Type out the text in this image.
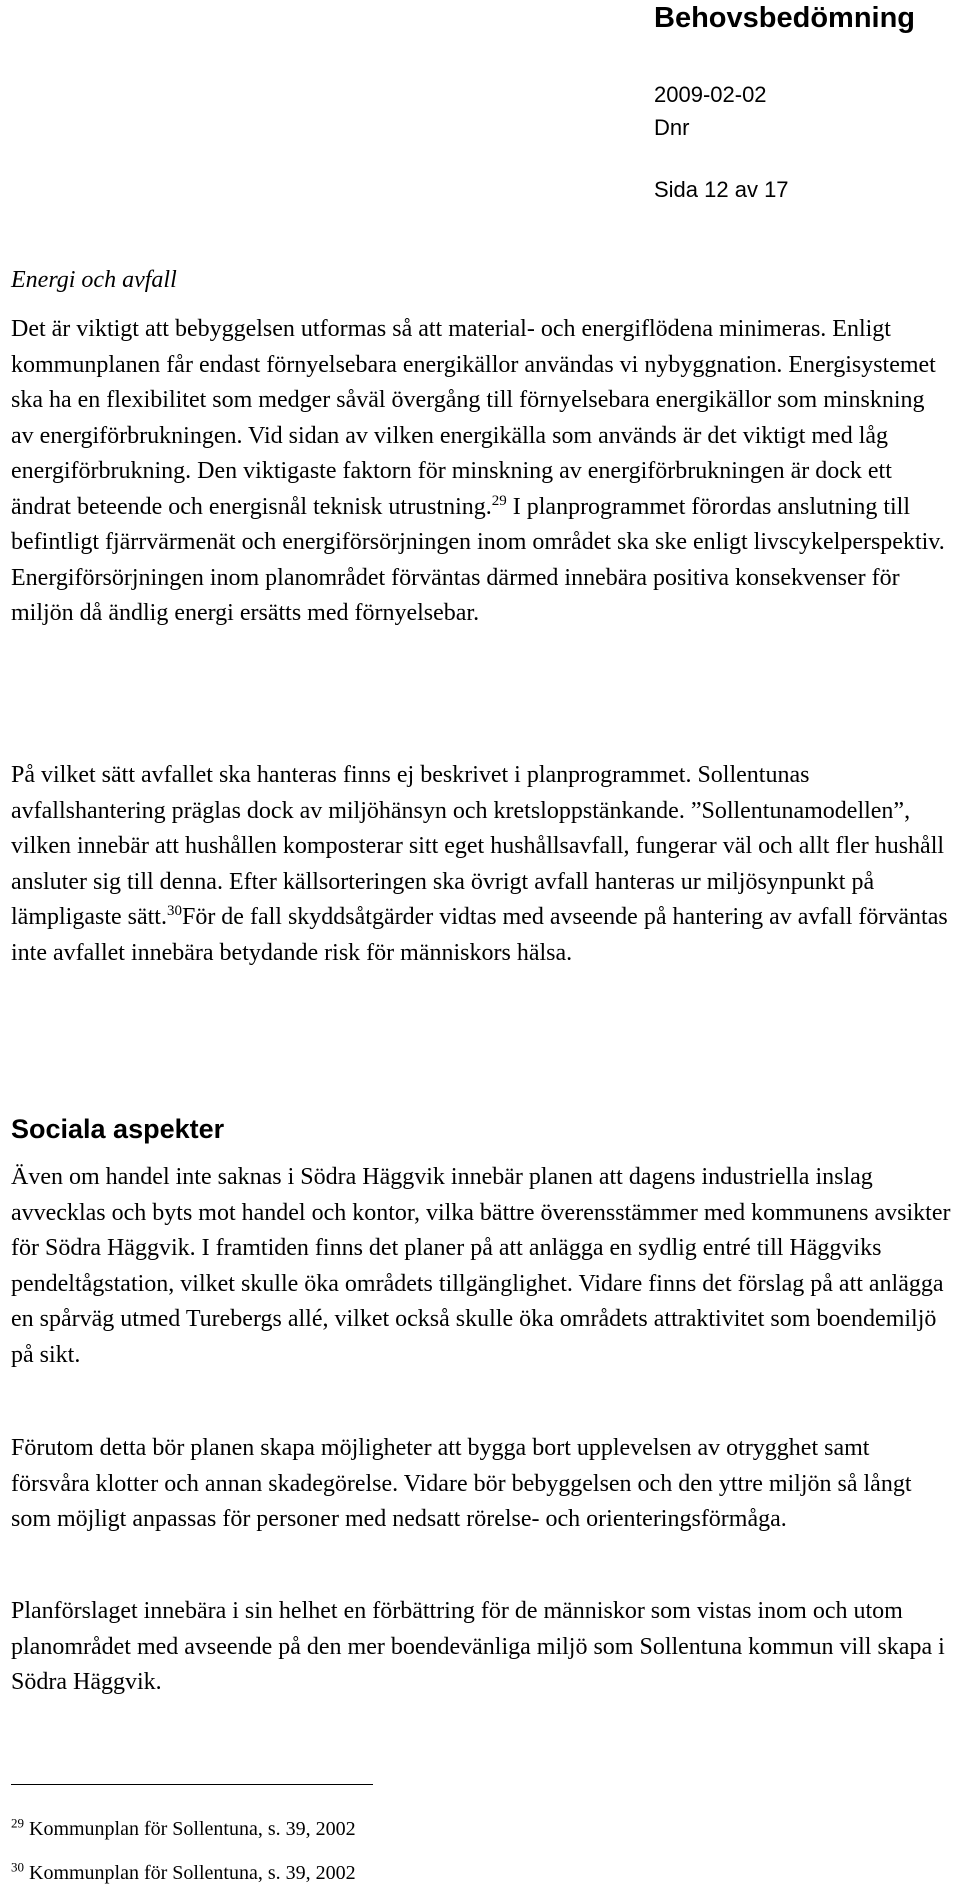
Behovsbedömning
2009-02-02
Dnr
Sida 12 av 17
Energi och avfall
Det är viktigt att bebyggelsen utformas så att material- och energiflödena minimeras. Enligt kommunplanen får endast förnyelsebara energikällor användas vi nybyggnation. Energisystemet ska ha en flexibilitet som medger såväl övergång till förnyelsebara energikällor som minskning av energiförbrukningen. Vid sidan av vilken energikälla som används är det viktigt med låg energiförbrukning. Den viktigaste faktorn för minskning av energiförbrukningen är dock ett ändrat beteende och energisnål teknisk utrustning.$^{29}$ I planprogrammet förordas anslutning till befintligt fjärrvärmenät och energiförsörjningen inom området ska ske enligt livscykelperspektiv. Energiförsörjningen inom planområdet förväntas därmed innebära positiva konsekvenser för miljön då ändlig energi ersätts med förnyelsebar.
På vilket sätt avfallet ska hanteras finns ej beskrivet i planprogrammet. Sollentunas avfallshantering präglas dock av miljöhänsyn och kretsloppstänkande. ”Sollentunamodellen”, vilken innebär att hushållen komposterar sitt eget hushållsavfall, fungerar väl och allt fler hushåll ansluter sig till denna. Efter källsorteringen ska övrigt avfall hanteras ur miljösynpunkt på lämpligaste sätt.$^{30}$För de fall skyddsåtgärder vidtas med avseende på hantering av avfall förväntas inte avfallet innebära betydande risk för människors hälsa.
Sociala aspekter
Även om handel inte saknas i Södra Häggvik innebär planen att dagens industriella inslag avvecklas och byts mot handel och kontor, vilka bättre överensstämmer med kommunens avsikter för Södra Häggvik. I framtiden finns det planer på att anlägga en sydlig entré till Häggviks pendeltågstation, vilket skulle öka områdets tillgänglighet. Vidare finns det förslag på att anlägga en spårväg utmed Turebergs allé, vilket också skulle öka områdets attraktivitet som boendemiljö på sikt.
Förutom detta bör planen skapa möjligheter att bygga bort upplevelsen av otrygghet samt försvåra klotter och annan skadegörelse. Vidare bör bebyggelsen och den yttre miljön så långt som möjligt anpassas för personer med nedsatt rörelse- och orienteringsförmåga.
Planförslaget innebära i sin helhet en förbättring för de människor som vistas inom och utom planområdet med avseende på den mer boendevänliga miljö som Sollentuna kommun vill skapa i Södra Häggvik.
$^{29}$ Kommunplan för Sollentuna, s. 39, 2002
$^{30}$ Kommunplan för Sollentuna, s. 39, 2002
